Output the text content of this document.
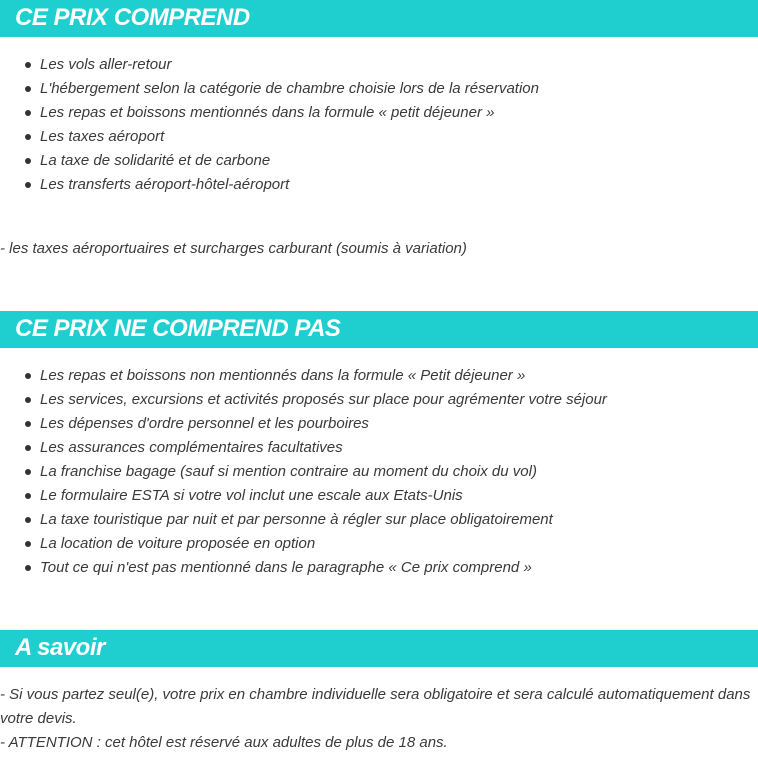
CE PRIX COMPREND
Les vols aller-retour
L'hébergement selon la catégorie de chambre choisie lors de la réservation
Les repas et boissons mentionnés dans la formule « petit déjeuner »
Les taxes aéroport
La taxe de solidarité et de carbone
Les transferts aéroport-hôtel-aéroport
- les taxes aéroportuaires et surcharges carburant (soumis à variation)
CE PRIX NE COMPREND PAS
Les repas et boissons non mentionnés dans la formule « Petit déjeuner »
Les services, excursions et activités proposés sur place pour agrémenter votre séjour
Les dépenses d'ordre personnel et les pourboires
Les assurances complémentaires facultatives
La franchise bagage (sauf si mention contraire au moment du choix du vol)
Le formulaire ESTA si votre vol inclut une escale aux Etats-Unis
La taxe touristique par nuit et par personne à régler sur place obligatoirement
La location de voiture proposée en option
Tout ce qui n'est pas mentionné dans le paragraphe « Ce prix comprend »
A savoir
- Si vous partez seul(e), votre prix en chambre individuelle sera obligatoire et sera calculé automatiquement dans votre devis.
- ATTENTION : cet hôtel est réservé aux adultes de plus de 18 ans.
